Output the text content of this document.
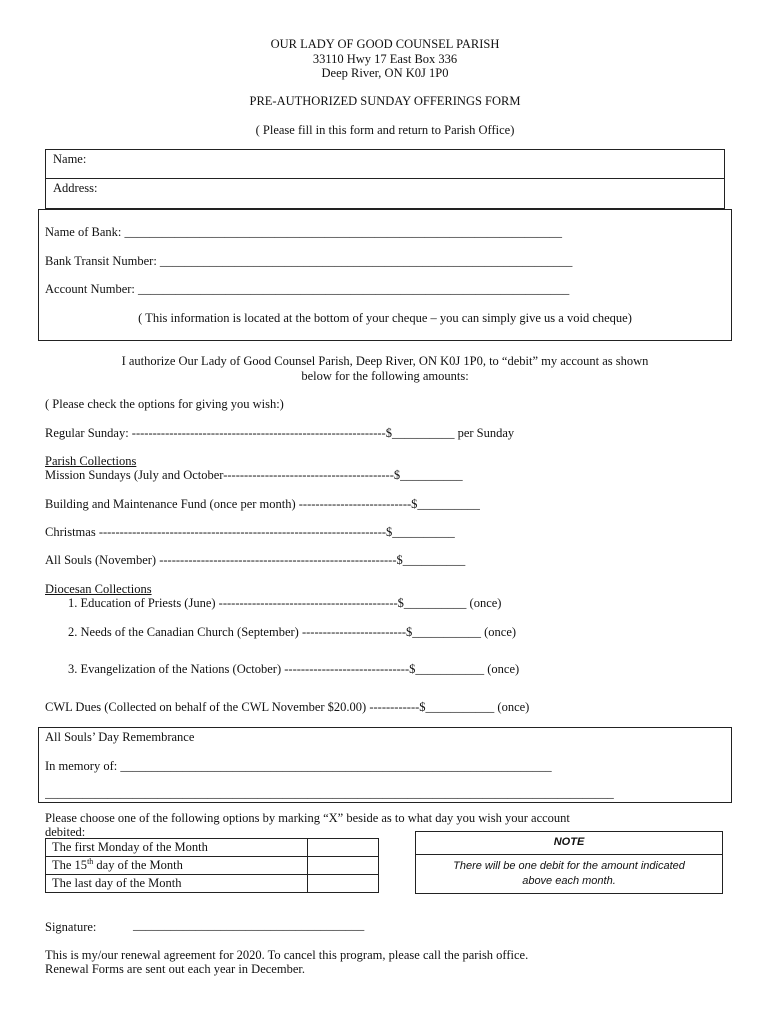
OUR LADY OF GOOD COUNSEL PARISH
33110 Hwy 17 East Box 336
Deep River, ON K0J 1P0
PRE-AUTHORIZED SUNDAY OFFERINGS FORM
( Please fill in this form and return to Parish Office)
Name:
Address:
Name of Bank: ______________________________________________________________________
Bank Transit Number: __________________________________________________________________
Account Number: _____________________________________________________________________
( This information is located at the bottom of your cheque – you can simply give us a void cheque)
I authorize Our Lady of Good Counsel Parish, Deep River, ON K0J 1P0, to “debit” my account as shown
below for the following amounts:
( Please check the options for giving you wish:)
Regular Sunday: -------------------------------------------------------------$__________ per Sunday
Parish Collections
Mission Sundays (July and October-----------------------------------------$__________
Building and Maintenance Fund (once per month) ---------------------------$__________
Christmas ---------------------------------------------------------------------$__________
All Souls (November) ---------------------------------------------------------$__________
Diocesan Collections
1. Education of Priests (June) -------------------------------------------$__________ (once)
2. Needs of the Canadian Church (September) -------------------------$___________ (once)
3. Evangelization of the Nations (October) ------------------------------$___________ (once)
CWL Dues (Collected on behalf of the CWL November $20.00) ------------$___________ (once)
All Souls’ Day Remembrance
In memory of: _____________________________________________________________________
___________________________________________________________________________________________
Please choose one of the following options by marking “X” beside as to what day you wish your account
debited:
The first Monday of the Month	
The 15th day of the Month	
The last day of the Month	
NOTE
There will be one debit for the amount indicated
above each month.
Signature:	_____________________________________
This is my/our renewal agreement for 2020. To cancel this program, please call the parish office.
Renewal Forms are sent out each year in December.
